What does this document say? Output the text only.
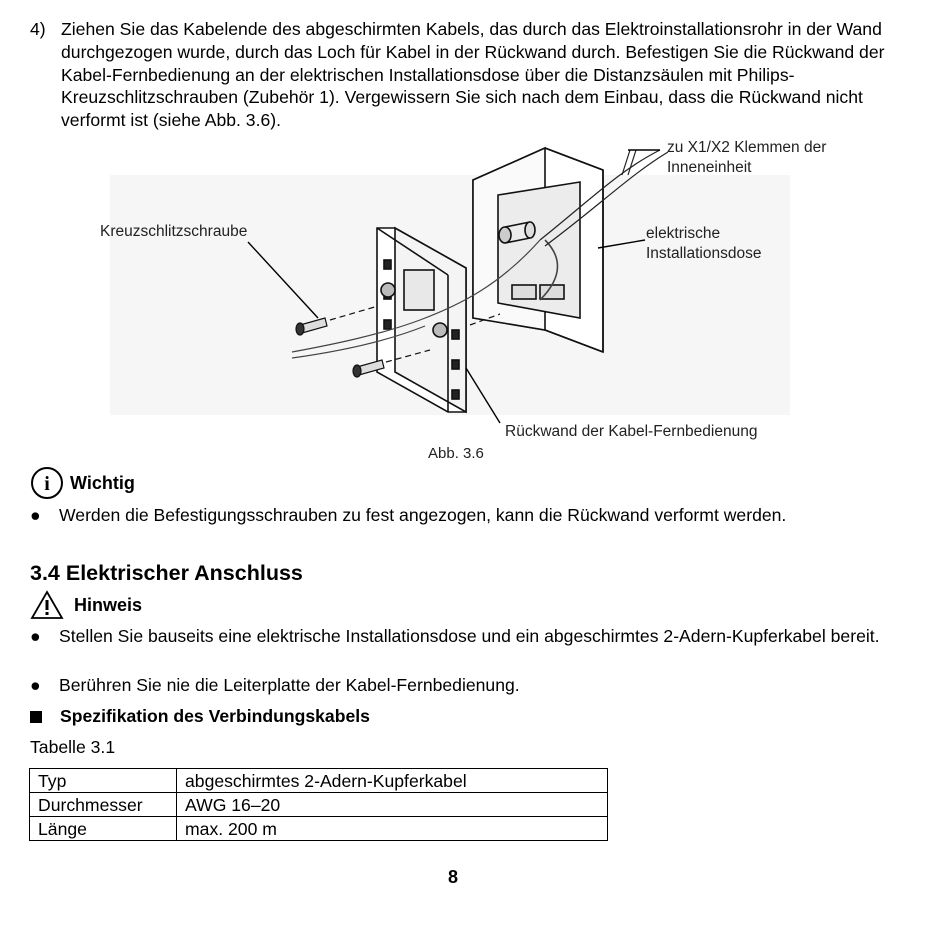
4) Ziehen Sie das Kabelende des abgeschirmten Kabels, das durch das Elektroinstallationsrohr in der Wand durchgezogen wurde, durch das Loch für Kabel in der Rückwand durch. Befestigen Sie die Rückwand der Kabel-Fernbedienung an der elektrischen Installationsdose über die Distanzsäulen mit Philips-Kreuzschlitzschrauben (Zubehör 1). Vergewissern Sie sich nach dem Einbau, dass die Rückwand nicht verformt ist (siehe Abb. 3.6).
zu X1/X2 Klemmen der
Inneneinheit
Kreuzschlitzschraube	elektrische
Installationsdose
Rückwand der Kabel-Fernbedienung
Abb. 3.6
i Wichtig
● Werden die Befestigungsschrauben zu fest angezogen, kann die Rückwand verformt werden.
3.4 Elektrischer Anschluss
Hinweis
● Stellen Sie bauseits eine elektrische Installationsdose und ein abgeschirmtes 2-Adern-Kupferkabel bereit.
● Berühren Sie nie die Leiterplatte der Kabel-Fernbedienung.
Spezifikation des Verbindungskabels
Tabelle 3.1
Typ	abgeschirmtes 2-Adern-Kupferkabel
Durchmesser	AWG 16–20
Länge	max. 200 m
8
